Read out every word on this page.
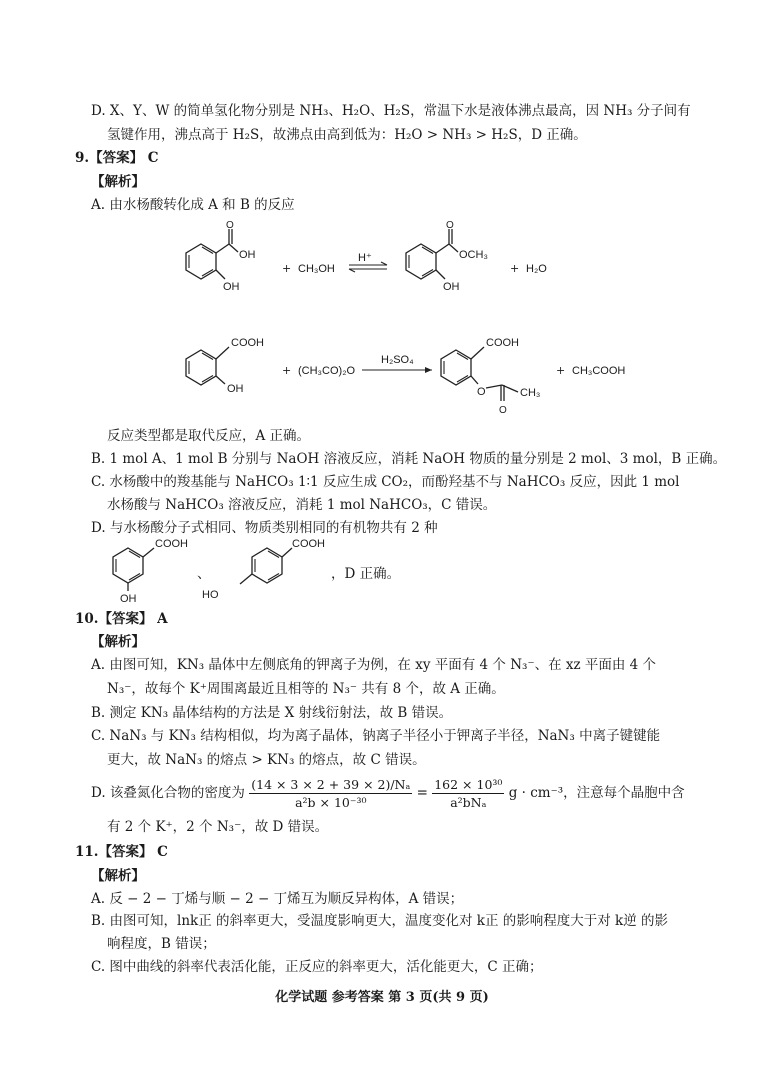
D. X、Y、W 的简单氢化物分别是 NH₃、H₂O、H₂S，常温下水是液体沸点最高，因 NH₃ 分子间有
氢键作用，沸点高于 H₂S，故沸点由高到低为：H₂O > NH₃ > H₂S，D 正确。
9.【答案】 C
【解析】
A. 由水杨酸转化成 A 和 B 的反应
O
OH
OH
+ CH₃OH
H⁺
O
OCH₃
OH
+ H₂O
COOH
OH
+ (CH₃CO)₂O
H₂SO₄
COOH
O	CH₃
O
+ CH₃COOH
反应类型都是取代反应，A 正确。
B. 1 mol A、1 mol B 分别与 NaOH 溶液反应，消耗 NaOH 物质的量分别是 2 mol、3 mol，B 正确。
C. 水杨酸中的羧基能与 NaHCO₃ 1∶1 反应生成 CO₂，而酚羟基不与 NaHCO₃ 反应，因此 1 mol
水杨酸与 NaHCO₃ 溶液反应，消耗 1 mol NaHCO₃，C 错误。
D. 与水杨酸分子式相同、物质类别相同的有机物共有 2 种
COOH
OH
、
COOH
HO
，D 正确。
10.【答案】 A
【解析】
A. 由图可知，KN₃ 晶体中左侧底角的钾离子为例，在 xy 平面有 4 个 N₃⁻、在 xz 平面由 4 个
N₃⁻，故每个 K⁺周围离最近且相等的 N₃⁻ 共有 8 个，故 A 正确。
B. 测定 KN₃ 晶体结构的方法是 X 射线衍射法，故 B 错误。
C. NaN₃ 与 KN₃ 结构相似，均为离子晶体，钠离子半径小于钾离子半径，NaN₃ 中离子键键能
更大，故 NaN₃ 的熔点 > KN₃ 的熔点，故 C 错误。
D. 该叠氮化合物的密度为 $\frac{\text{(14 × 3 × 2 + 39 × 2)/Nₐ}}{\text{a²b × 10⁻³⁰}} = \frac{\text{162 × 10³⁰}}{\text{a²bNₐ}}$ g · cm⁻³，注意每个晶胞中含
有 2 个 K⁺，2 个 N₃⁻，故 D 错误。
11.【答案】 C
【解析】
A. 反 − 2 − 丁烯与顺 − 2 − 丁烯互为顺反异构体，A 错误；
B. 由图可知，lnk正 的斜率更大，受温度影响更大，温度变化对 k正 的影响程度大于对 k逆 的影
响程度，B 错误；
C. 图中曲线的斜率代表活化能，正反应的斜率更大，活化能更大，C 正确；
化学试题 参考答案 第 3 页(共 9 页)
